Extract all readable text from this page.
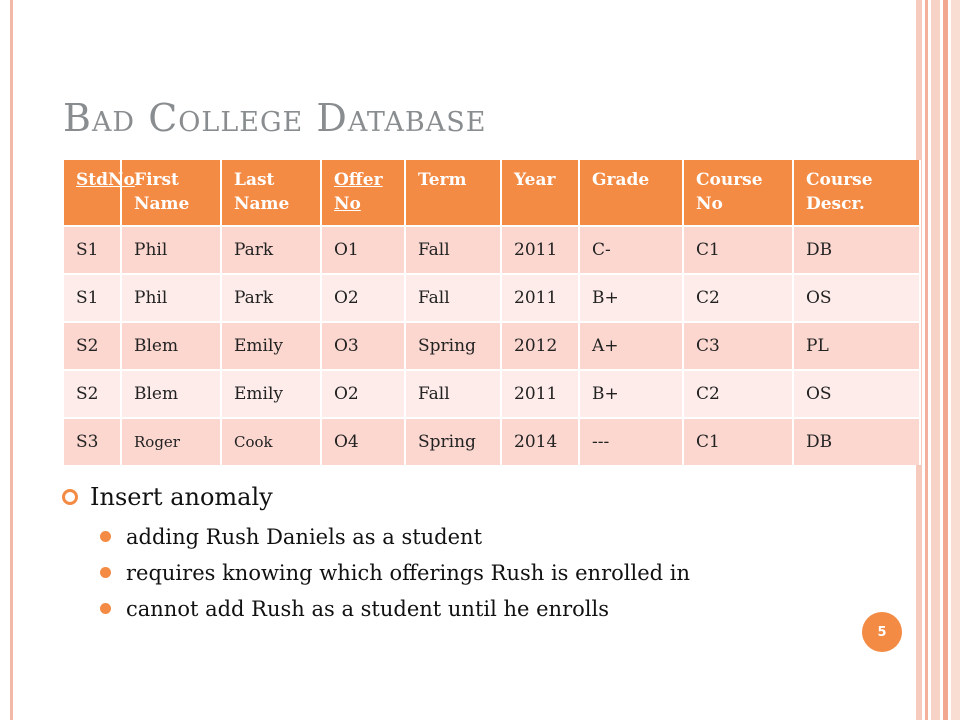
BAD COLLEGE DATABASE
StdNo	First Name	Last Name	Offer No	Term	Year	Grade	Course No	Course Descr.
S1	Phil	Park	O1	Fall	2011	C-	C1	DB
S1	Phil	Park	O2	Fall	2011	B+	C2	OS
S2	Blem	Emily	O3	Spring	2012	A+	C3	PL
S2	Blem	Emily	O2	Fall	2011	B+	C2	OS
S3	Roger	Cook	O4	Spring	2014	---	C1	DB
Insert anomaly
adding Rush Daniels as a student
requires knowing which offerings Rush is enrolled in
cannot add Rush as a student until he enrolls
5
